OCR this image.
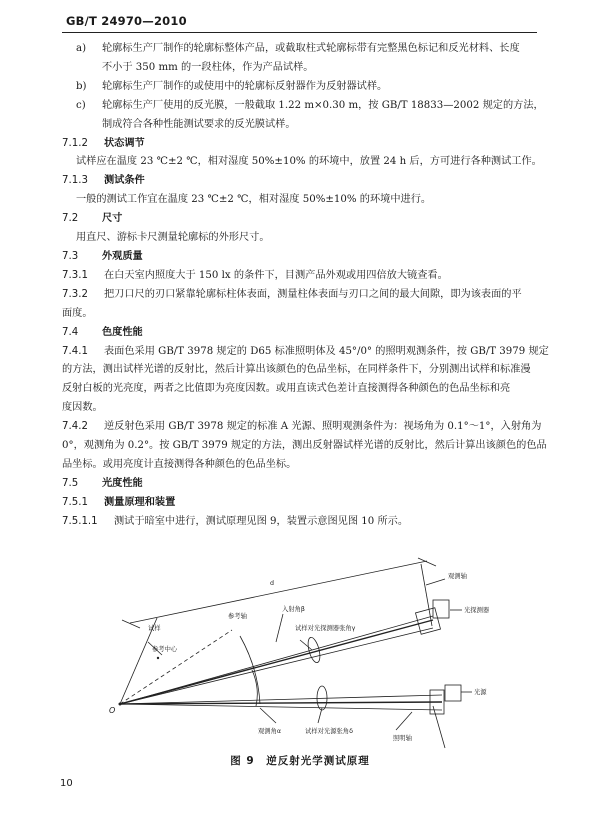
GB/T 24970—2010
a) 轮廓标生产厂制作的轮廓标整体产品，或截取柱式轮廓标带有完整黑色标记和反光材料、长度
不小于 350 mm 的一段柱体，作为产品试样。
b) 轮廓标生产厂制作的或使用中的轮廓标反射器作为反射器试样。
c) 轮廓标生产厂使用的反光膜，一般截取 1.22 m×0.30 m，按 GB/T 18833—2002 规定的方法，
制成符合各种性能测试要求的反光膜试样。
7.1.2 状态调节
试样应在温度 23 ℃±2 ℃，相对湿度 50%±10% 的环境中，放置 24 h 后，方可进行各种测试工作。
7.1.3 测试条件
一般的测试工作宜在温度 23 ℃±2 ℃，相对湿度 50%±10% 的环境中进行。
7.2 尺寸
用直尺、游标卡尺测量轮廓标的外形尺寸。
7.3 外观质量
7.3.1 在白天室内照度大于 150 lx 的条件下，目测产品外观或用四倍放大镜查看。
7.3.2 把刀口尺的刃口紧靠轮廓标柱体表面，测量柱体表面与刃口之间的最大间隙，即为该表面的平
面度。
7.4 色度性能
7.4.1 表面色采用 GB/T 3978 规定的 D65 标准照明体及 45°/0° 的照明观测条件，按 GB/T 3979 规定
的方法，测出试样光谱的反射比，然后计算出该颜色的色品坐标，在同样条件下，分别测出试样和标准漫
反射白板的光亮度，两者之比值即为亮度因数。或用直读式色差计直接测得各种颜色的色品坐标和亮
度因数。
7.4.2 逆反射色采用 GB/T 3978 规定的标准 A 光源、照明观测条件为：视场角为 0.1°～1°，入射角为
0°，观测角为 0.2°。按 GB/T 3979 规定的方法，测出反射器试样光谱的反射比，然后计算出该颜色的色品
品坐标。或用亮度计直接测得各种颜色的色品坐标。
7.5 光度性能
7.5.1 测量原理和装置
7.5.1.1 测试于暗室中进行，测试原理见图 9，装置示意图见图 10 所示。
d
观测轴
光探测器
入射角β
参考轴
试样对光探测器张角γ
试样
参考中心
光源
O
观测角α	试样对光源张角δ
照明轴
图 9　逆反射光学测试原理
10
